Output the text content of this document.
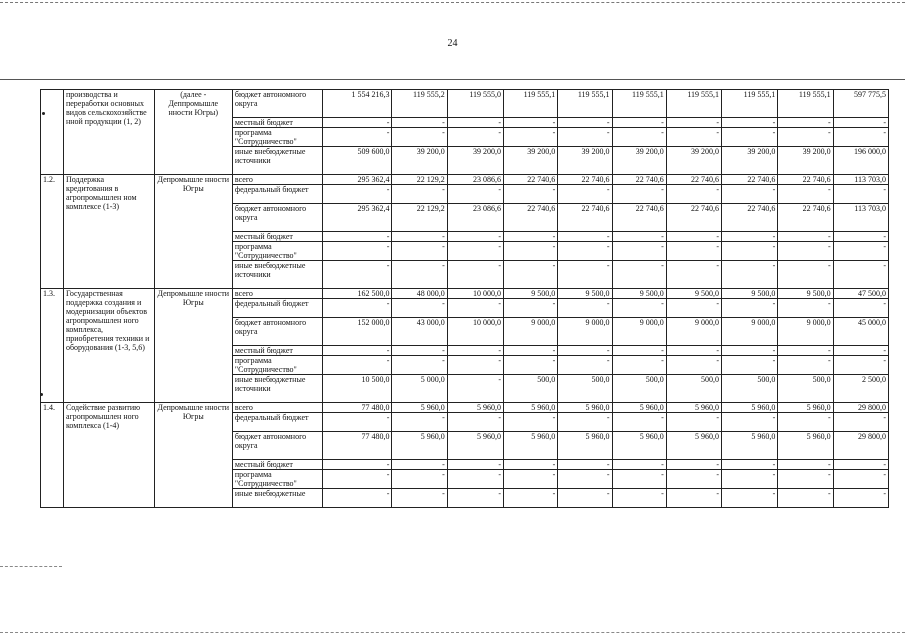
24
	производства и переработки основных видов сельскохозяйстве нной продукции (1, 2)	(далее - Деппромышле нности Югры)	бюджет автономного округа	1 554 216,3	119 555,2	119 555,0	119 555,1	119 555,1	119 555,1	119 555,1	119 555,1	119 555,1	597 775,5
			местный бюджет	-	-	-	-	-	-	-	-	-	-
			программа "Сотрудничество"	-	-	-	-	-	-	-	-	-	-
			иные внебюджетные источники	509 600,0	39 200,0	39 200,0	39 200,0	39 200,0	39 200,0	39 200,0	39 200,0	39 200,0	196 000,0
1.2.	Поддержка кредитования в агропромышлен ном комплексе (1-3)	Депромышле нности Югры	всего	295 362,4	22 129,2	23 086,6	22 740,6	22 740,6	22 740,6	22 740,6	22 740,6	22 740,6	113 703,0
			федеральный бюджет	-	-	-	-	-	-	-	-	-	-
			бюджет автономного округа	295 362,4	22 129,2	23 086,6	22 740,6	22 740,6	22 740,6	22 740,6	22 740,6	22 740,6	113 703,0
			местный бюджет	-	-	-	-	-	-	-	-	-	-
			программа "Сотрудничество"	-	-	-	-	-	-	-	-	-	-
			иные внебюджетные источники	-	-	-	-	-	-	-	-	-	-
1.3.	Государственная поддержка создания и модернизации объектов агропромышлен ного комплекса, приобретения техники и оборудования (1-3, 5,6)	Депромышле нности Югры	всего	162 500,0	48 000,0	10 000,0	9 500,0	9 500,0	9 500,0	9 500,0	9 500,0	9 500,0	47 500,0
			федеральный бюджет	-	-	-	-	-	-	-	-	-	-
			бюджет автономного округа	152 000,0	43 000,0	10 000,0	9 000,0	9 000,0	9 000,0	9 000,0	9 000,0	9 000,0	45 000,0
			местный бюджет	-	-	-	-	-	-	-	-	-	-
			программа "Сотрудничество"	-	-	-	-	-	-	-	-	-	-
			иные внебюджетные источники	10 500,0	5 000,0	-	500,0	500,0	500,0	500,0	500,0	500,0	2 500,0
1.4.	Содействие развитию агропромышлен ного комплекса (1-4)	Депромышле нности Югры	всего	77 480,0	5 960,0	5 960,0	5 960,0	5 960,0	5 960,0	5 960,0	5 960,0	5 960,0	29 800,0
			федеральный бюджет	-	-	-	-	-	-	-	-	-	-
			бюджет автономного округа	77 480,0	5 960,0	5 960,0	5 960,0	5 960,0	5 960,0	5 960,0	5 960,0	5 960,0	29 800,0
			местный бюджет	-	-	-	-	-	-	-	-	-	-
			программа "Сотрудничество"	-	-	-	-	-	-	-	-	-	-
			иные внебюджетные	-	-	-	-	-	-	-	-	-	-
